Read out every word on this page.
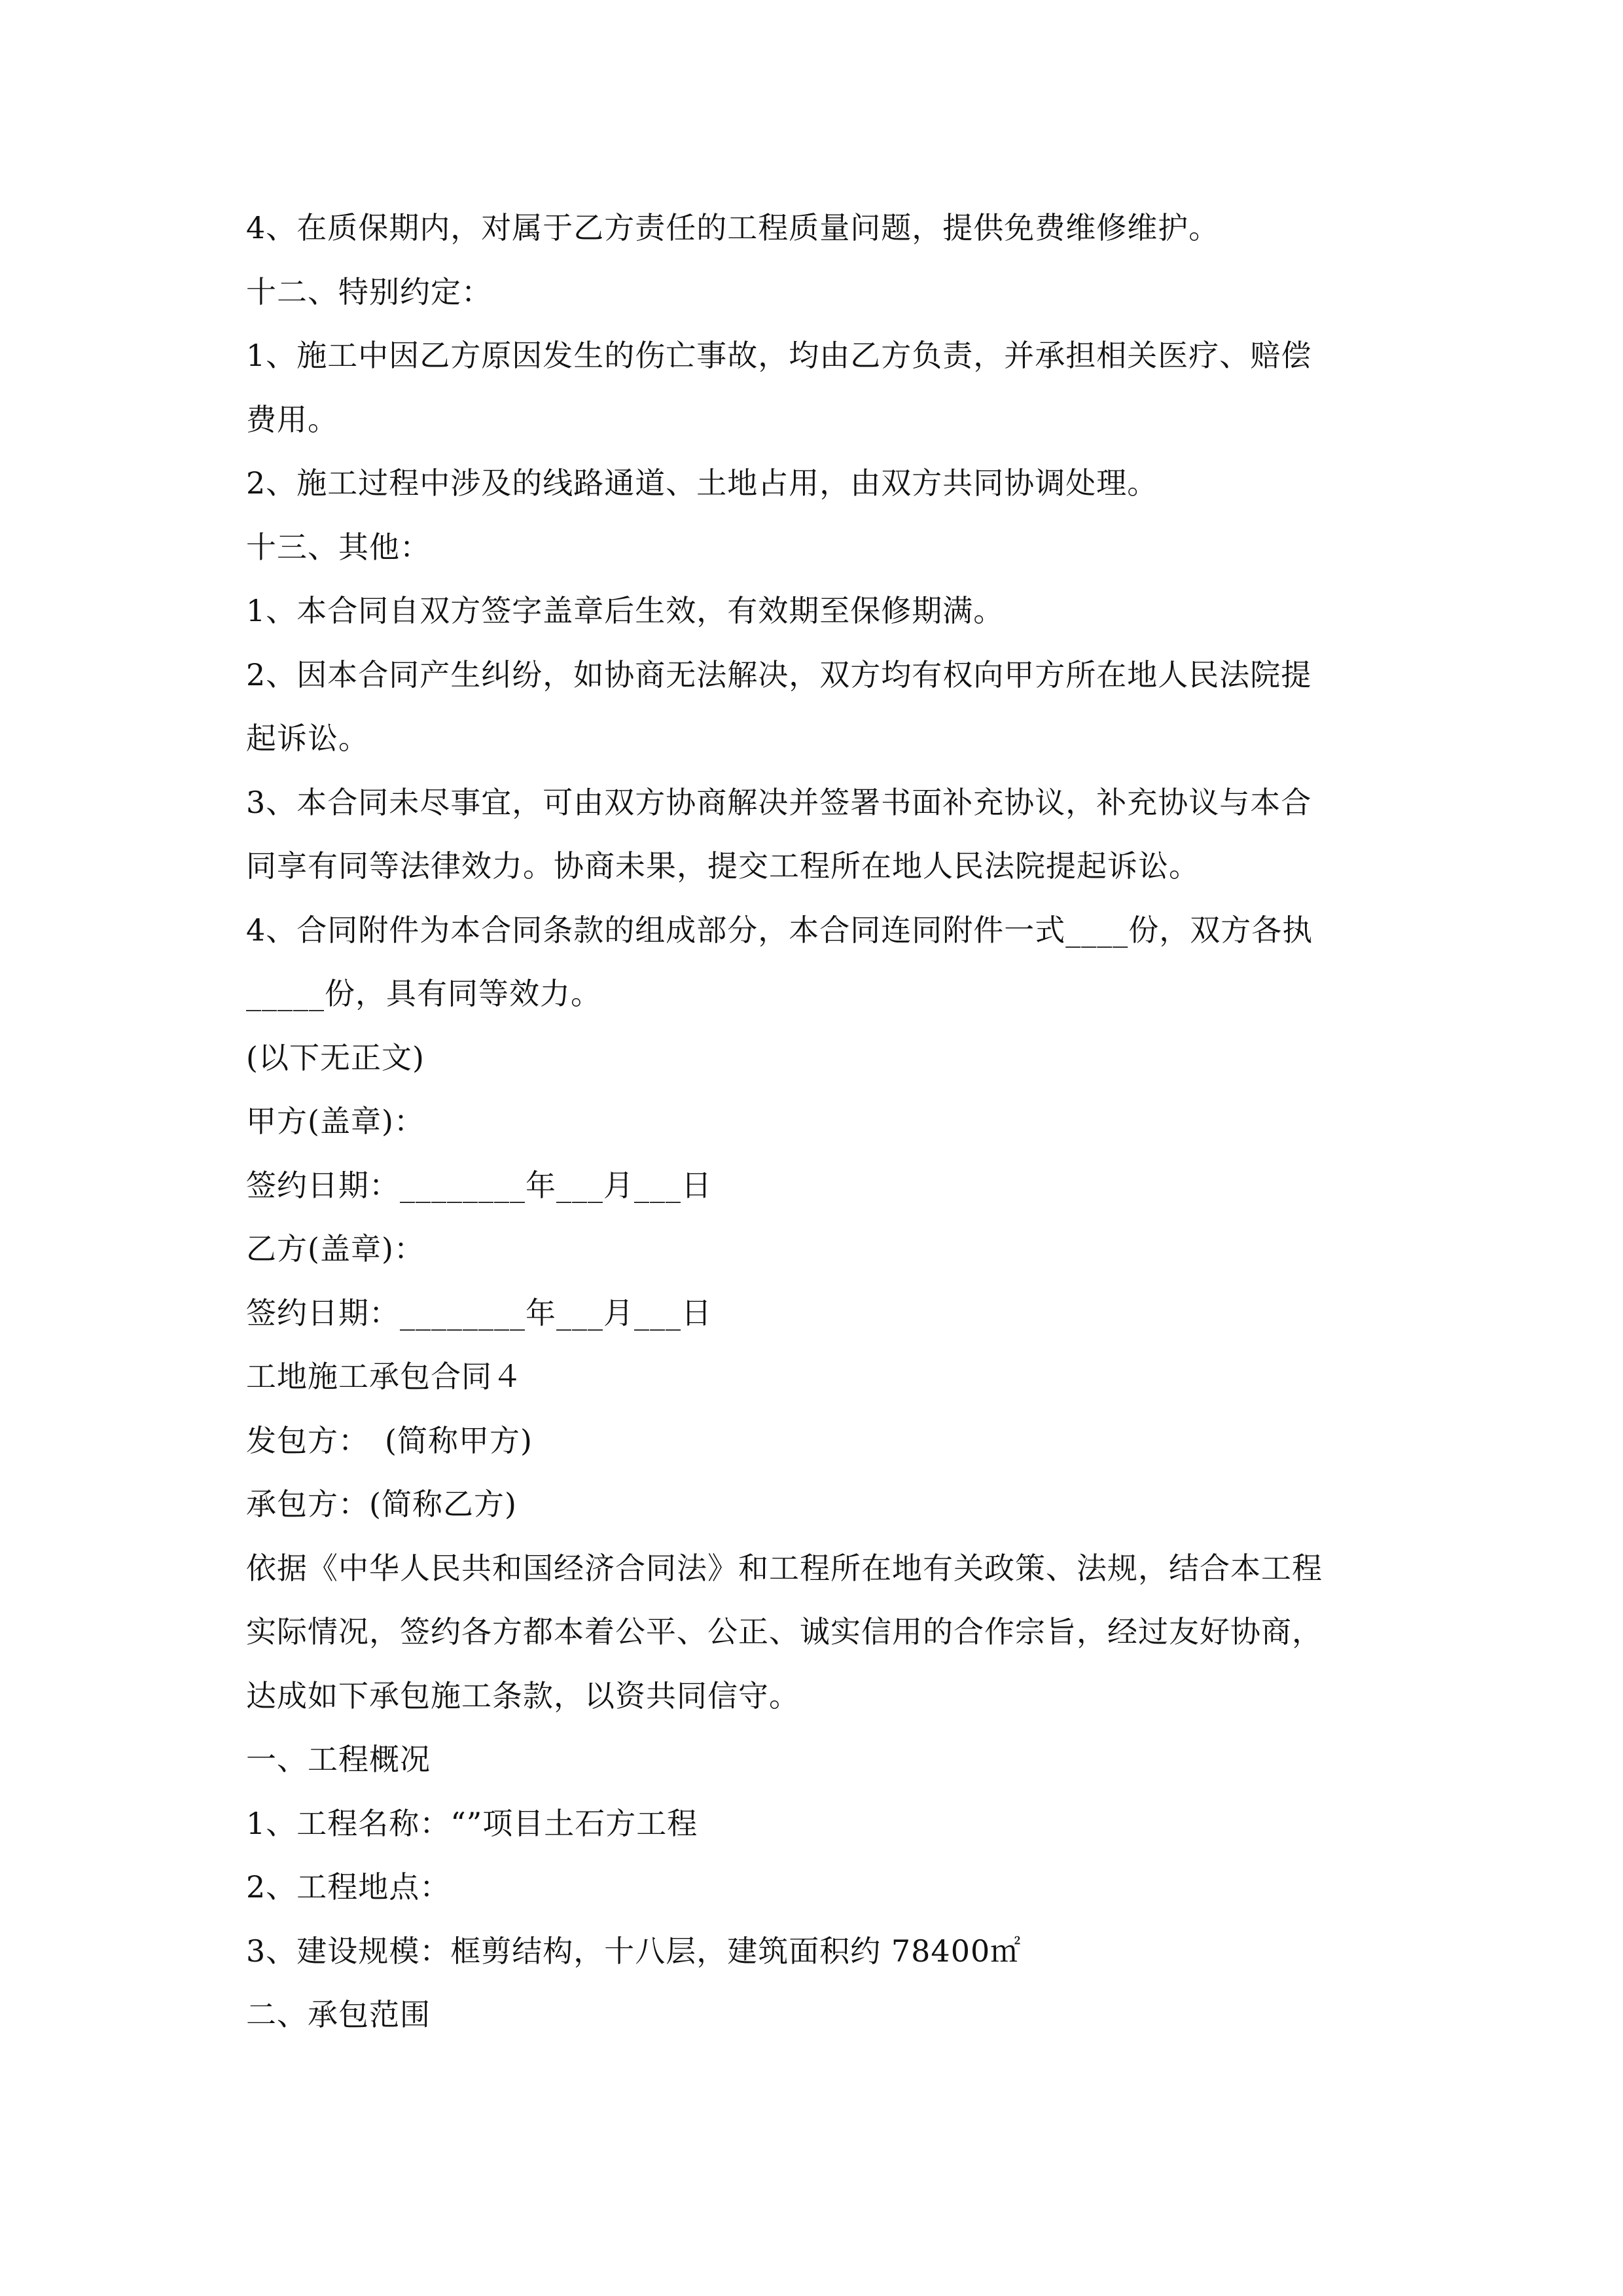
4、在质保期内，对属于乙方责任的工程质量问题，提供免费维修维护。
十二、特别约定：
1、施工中因乙方原因发生的伤亡事故，均由乙方负责，并承担相关医疗、赔偿
费用。
2、施工过程中涉及的线路通道、土地占用，由双方共同协调处理。
十三、其他：
1、本合同自双方签字盖章后生效，有效期至保修期满。
2、因本合同产生纠纷，如协商无法解决，双方均有权向甲方所在地人民法院提
起诉讼。
3、本合同未尽事宜，可由双方协商解决并签署书面补充协议，补充协议与本合
同享有同等法律效力。协商未果，提交工程所在地人民法院提起诉讼。
4、合同附件为本合同条款的组成部分，本合同连同附件一式____份，双方各执
_____份，具有同等效力。
(以下无正文)
甲方(盖章)：
签约日期：________年___月___日
乙方(盖章)：
签约日期：________年___月___日
工地施工承包合同４
发包方：　(简称甲方)
承包方：(简称乙方)
依据《中华人民共和国经济合同法》和工程所在地有关政策、法规，结合本工程
实际情况，签约各方都本着公平、公正、诚实信用的合作宗旨，经过友好协商，
达成如下承包施工条款，以资共同信守。
一、工程概况
1、工程名称：“”项目土石方工程
2、工程地点：
3、建设规模：框剪结构，十八层，建筑面积约 78400㎡
二、承包范围
